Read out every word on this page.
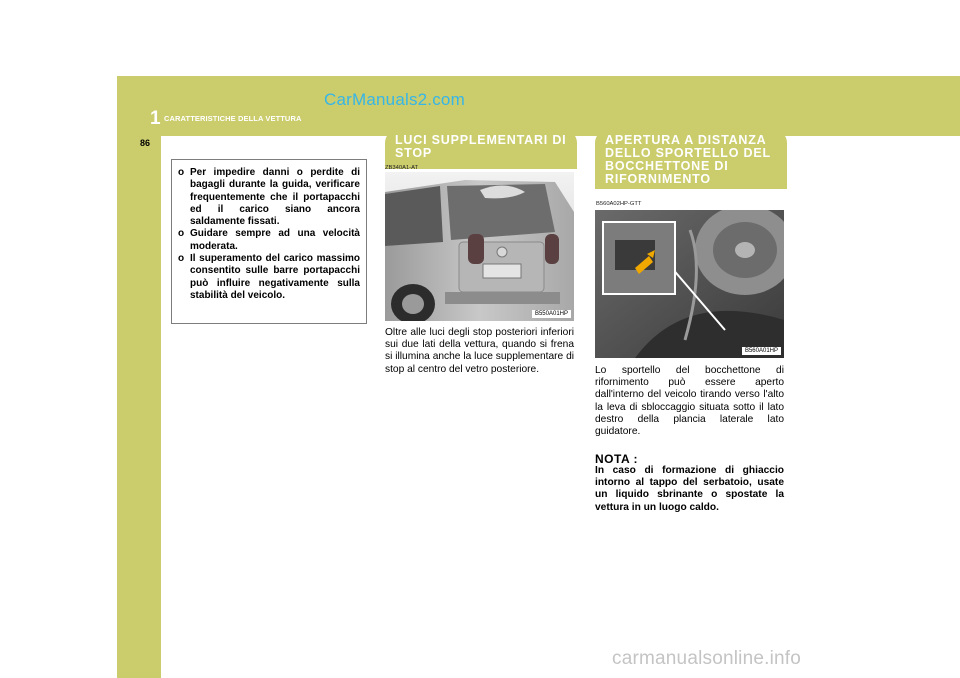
CarManuals2.com
1 CARATTERISTICHE DELLA VETTURA
86
o Per impedire danni o perdite di bagagli durante la guida, verificare frequentemente che il portapacchi ed il carico siano ancora saldamente fissati.
o Guidare sempre ad una velocità moderata.
o Il superamento del carico massimo consentito sulle barre portapacchi può influire negativamente sulla stabilità del veicolo.
LUCI SUPPLEMENTARI DI STOP
ZB340A1-AT
B550A01HP
Oltre alle luci degli stop posteriori inferiori sui due lati della vettura, quando si frena si illumina anche la luce supplementare di stop al centro del vetro posteriore.
APERTURA A DISTANZA DELLO SPORTELLO DEL BOCCHETTONE DI RIFORNIMENTO
B560A02HP-GTT
B560A01HP
Lo sportello del bocchettone di rifornimento può essere aperto dall'interno del veicolo tirando verso l'alto la leva di sbloccaggio situata sotto il lato destro della plancia laterale lato guidatore.
NOTA :
In caso di formazione di ghiaccio intorno al tappo del serbatoio, usate un liquido sbrinante o spostate la vettura in un luogo caldo.
carmanualsonline.info
